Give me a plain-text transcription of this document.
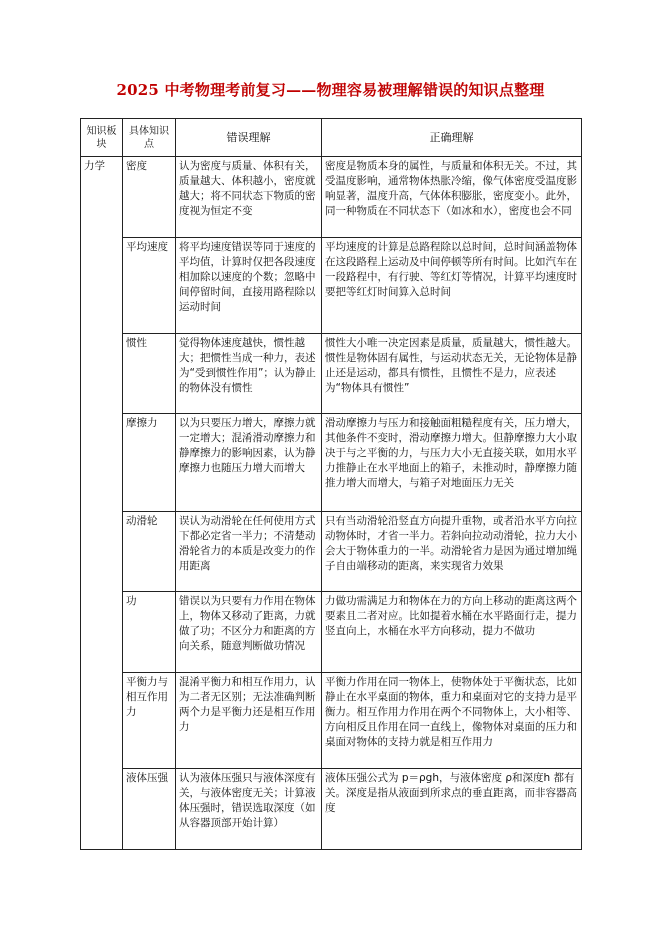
2025 中考物理考前复习——物理容易被理解错误的知识点整理
知识板块	具体知识点	错误理解	正确理解
力学	密度	认为密度与质量、体积有关，质量越大、体积越小，密度就越大；将不同状态下物质的密度视为恒定不变	密度是物质本身的属性，与质量和体积无关。不过，其受温度影响，通常物体热胀冷缩，像气体密度受温度影响显著，温度升高，气体体积膨胀，密度变小。此外，同一种物质在不同状态下（如冰和水），密度也会不同
	平均速度	将平均速度错误等同于速度的平均值，计算时仅把各段速度相加除以速度的个数；忽略中间停留时间，直接用路程除以运动时间	平均速度的计算是总路程除以总时间，总时间涵盖物体在这段路程上运动及中间停顿等所有时间。比如汽车在一段路程中，有行驶、等红灯等情况，计算平均速度时要把等红灯时间算入总时间
	惯性	觉得物体速度越快，惯性越大；把惯性当成一种力，表述为“受到惯性作用”；认为静止的物体没有惯性	惯性大小唯一决定因素是质量，质量越大，惯性越大。惯性是物体固有属性，与运动状态无关，无论物体是静止还是运动，都具有惯性，且惯性不是力，应表述为“物体具有惯性”
	摩擦力	以为只要压力增大，摩擦力就一定增大；混淆滑动摩擦力和静摩擦力的影响因素，认为静摩擦力也随压力增大而增大	滑动摩擦力与压力和接触面粗糙程度有关，压力增大，其他条件不变时，滑动摩擦力增大。但静摩擦力大小取决于与之平衡的力，与压力大小无直接关联，如用水平力推静止在水平地面上的箱子，未推动时，静摩擦力随推力增大而增大，与箱子对地面压力无关
	动滑轮	误认为动滑轮在任何使用方式下都必定省一半力；不清楚动滑轮省力的本质是改变力的作用距离	只有当动滑轮沿竖直方向提升重物，或者沿水平方向拉动物体时，才省一半力。若斜向拉动动滑轮，拉力大小会大于物体重力的一半。动滑轮省力是因为通过增加绳子自由端移动的距离，来实现省力效果
	功	错误以为只要有力作用在物体上，物体又移动了距离，力就做了功；不区分力和距离的方向关系，随意判断做功情况	力做功需满足力和物体在力的方向上移动的距离这两个要素且二者对应。比如提着水桶在水平路面行走，提力竖直向上，水桶在水平方向移动，提力不做功
	平衡力与相互作用力	混淆平衡力和相互作用力，认为二者无区别；无法准确判断两个力是平衡力还是相互作用力	平衡力作用在同一物体上，使物体处于平衡状态，比如静止在水平桌面的物体，重力和桌面对它的支持力是平衡力。相互作用力作用在两个不同物体上，大小相等、方向相反且作用在同一直线上，像物体对桌面的压力和桌面对物体的支持力就是相互作用力
	液体压强	认为液体压强只与液体深度有关，与液体密度无关；计算液体压强时，错误选取深度（如从容器顶部开始计算）	液体压强公式为 p＝ρgh，与液体密度 ρ和深度h 都有关。深度是指从液面到所求点的垂直距离，而非容器高度
